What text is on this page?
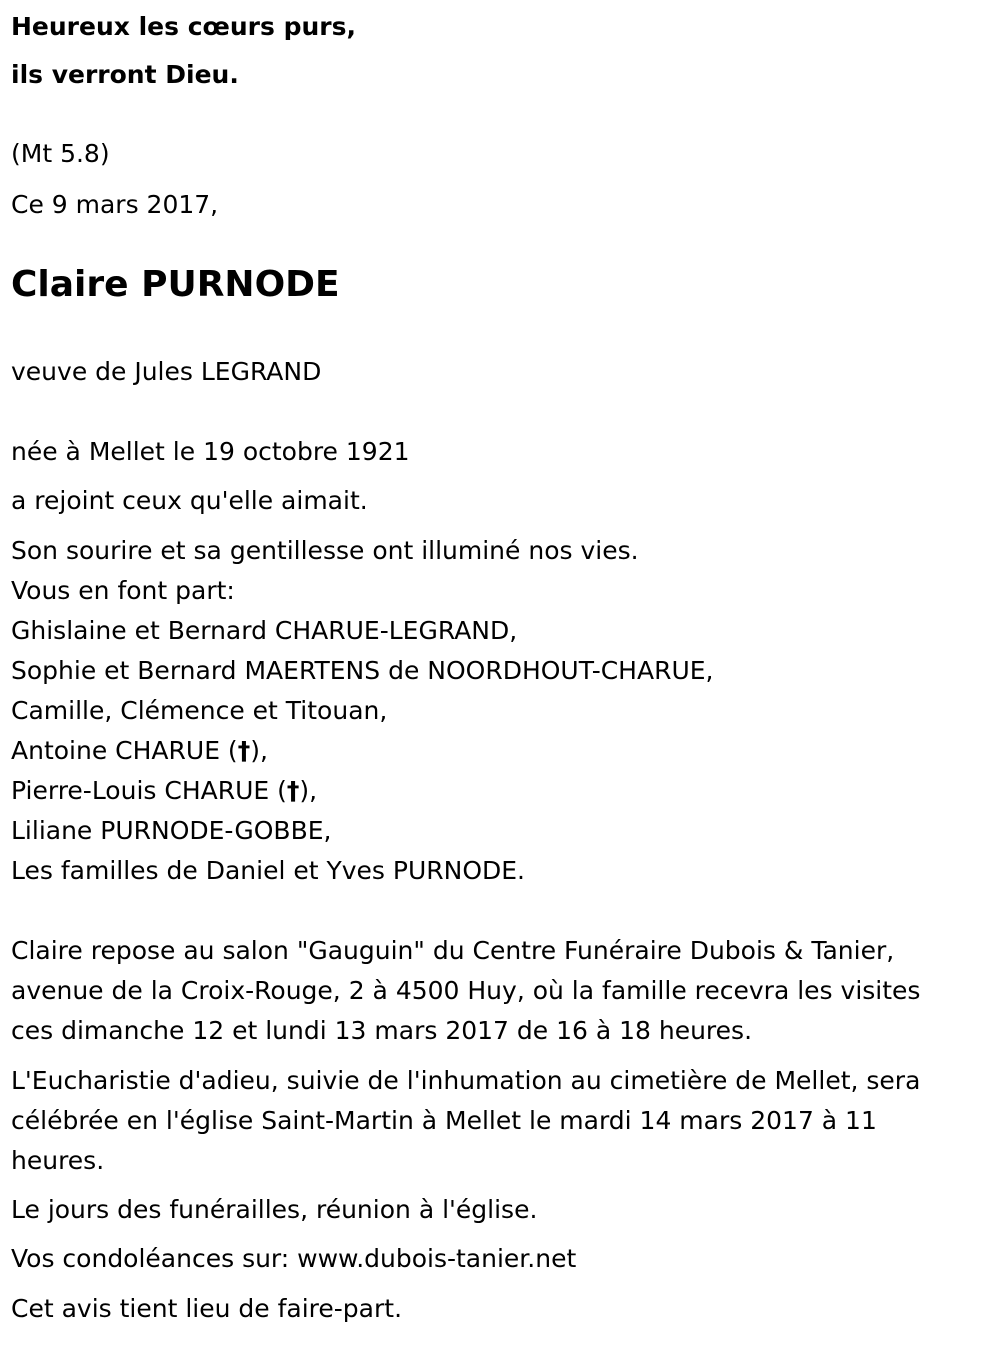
Heureux les cœurs purs,
ils verront Dieu.
(Mt 5.8)
Ce 9 mars 2017,
Claire PURNODE
veuve de Jules LEGRAND
née à Mellet le 19 octobre 1921
a rejoint ceux qu'elle aimait.
Son sourire et sa gentillesse ont illuminé nos vies.
Vous en font part:
Ghislaine et Bernard CHARUE-LEGRAND,
Sophie et Bernard MAERTENS de NOORDHOUT-CHARUE,
Camille, Clémence et Titouan,
Antoine CHARUE (†),
Pierre-Louis CHARUE (†),
Liliane PURNODE-GOBBE,
Les familles de Daniel et Yves PURNODE.
Claire repose au salon "Gauguin" du Centre Funéraire Dubois & Tanier,
avenue de la Croix-Rouge, 2 à 4500 Huy, où la famille recevra les visites
ces dimanche 12 et lundi 13 mars 2017 de 16 à 18 heures.
L'Eucharistie d'adieu, suivie de l'inhumation au cimetière de Mellet, sera
célébrée en l'église Saint-Martin à Mellet le mardi 14 mars 2017 à 11
heures.
Le jours des funérailles, réunion à l'église.
Vos condoléances sur: www.dubois-tanier.net
Cet avis tient lieu de faire-part.
